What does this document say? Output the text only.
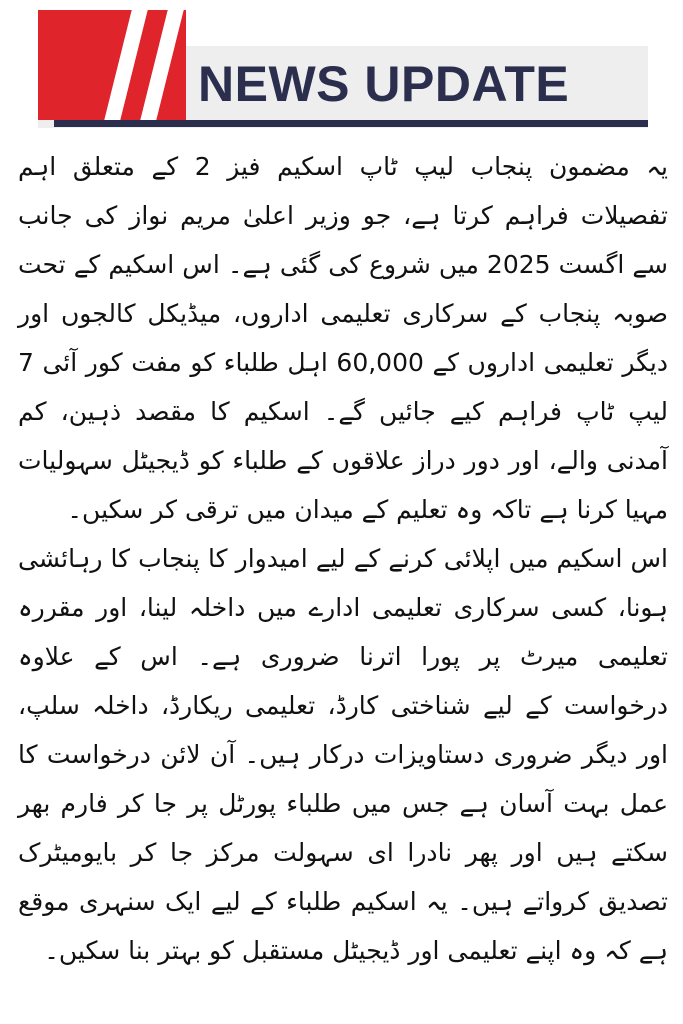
NEWS UPDATE

یہ مضمون پنجاب لیپ ٹاپ اسکیم فیز 2 کے متعلق اہم تفصیلات فراہم کرتا ہے، جو وزیر اعلیٰ مریم نواز کی جانب سے اگست 2025 میں شروع کی گئی ہے۔ اس اسکیم کے تحت صوبہ پنجاب کے سرکاری تعلیمی اداروں، میڈیکل کالجوں اور دیگر تعلیمی اداروں کے 60,000 اہل طلباء کو مفت کور آئی 7 لیپ ٹاپ فراہم کیے جائیں گے۔ اسکیم کا مقصد ذہین، کم آمدنی والے، اور دور دراز علاقوں کے طلباء کو ڈیجیٹل سہولیات مہیا کرنا ہے تاکہ وہ تعلیم کے میدان میں ترقی کر سکیں۔

اس اسکیم میں اپلائی کرنے کے لیے امیدوار کا پنجاب کا رہائشی ہونا، کسی سرکاری تعلیمی ادارے میں داخلہ لینا، اور مقررہ تعلیمی میرٹ پر پورا اترنا ضروری ہے۔ اس کے علاوہ درخواست کے لیے شناختی کارڈ، تعلیمی ریکارڈ، داخلہ سلپ، اور دیگر ضروری دستاویزات درکار ہیں۔ آن لائن درخواست کا عمل بہت آسان ہے جس میں طلباء پورٹل پر جا کر فارم بھر سکتے ہیں اور پھر نادرا ای سہولت مرکز جا کر بایومیٹرک تصدیق کرواتے ہیں۔ یہ اسکیم طلباء کے لیے ایک سنہری موقع ہے کہ وہ اپنے تعلیمی اور ڈیجیٹل مستقبل کو بہتر بنا سکیں۔
